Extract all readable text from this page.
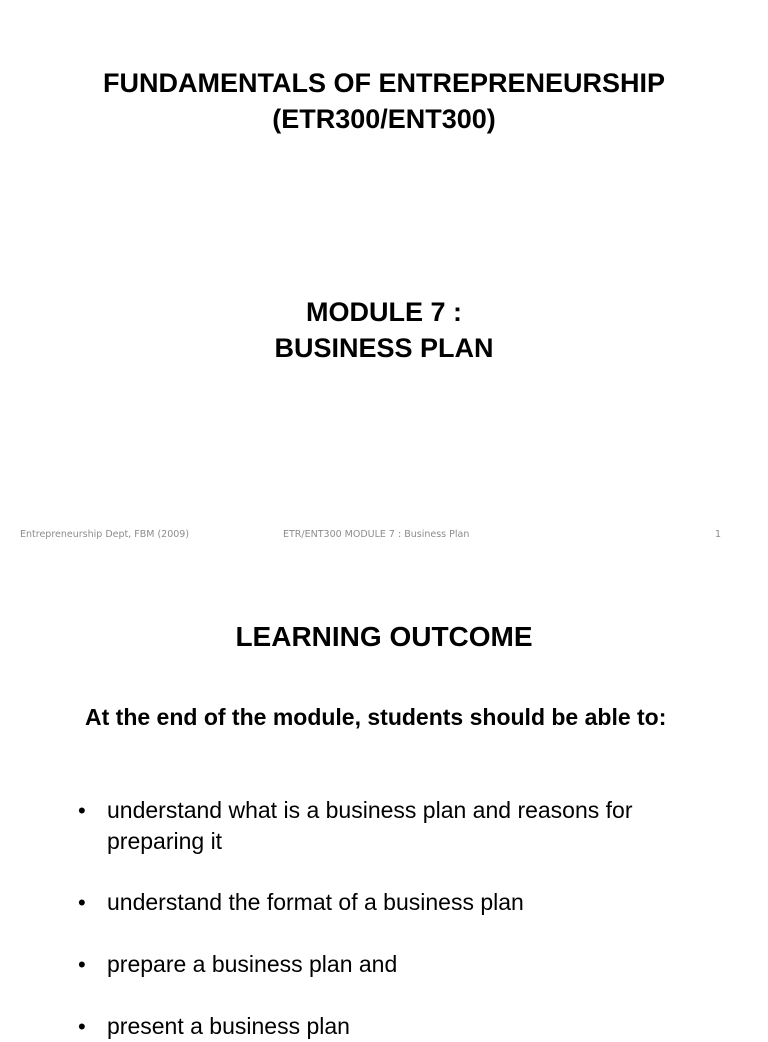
FUNDAMENTALS OF ENTREPRENEURSHIP
(ETR300/ENT300)
MODULE 7 :
BUSINESS PLAN
Entrepreneurship Dept, FBM (2009)	ETR/ENT300 MODULE 7 : Business Plan	1
LEARNING OUTCOME
At the end of the module, students should be able to:
• understand what is a business plan and reasons for preparing it
• understand the format of a business plan
• prepare a business plan and
• present a business plan
